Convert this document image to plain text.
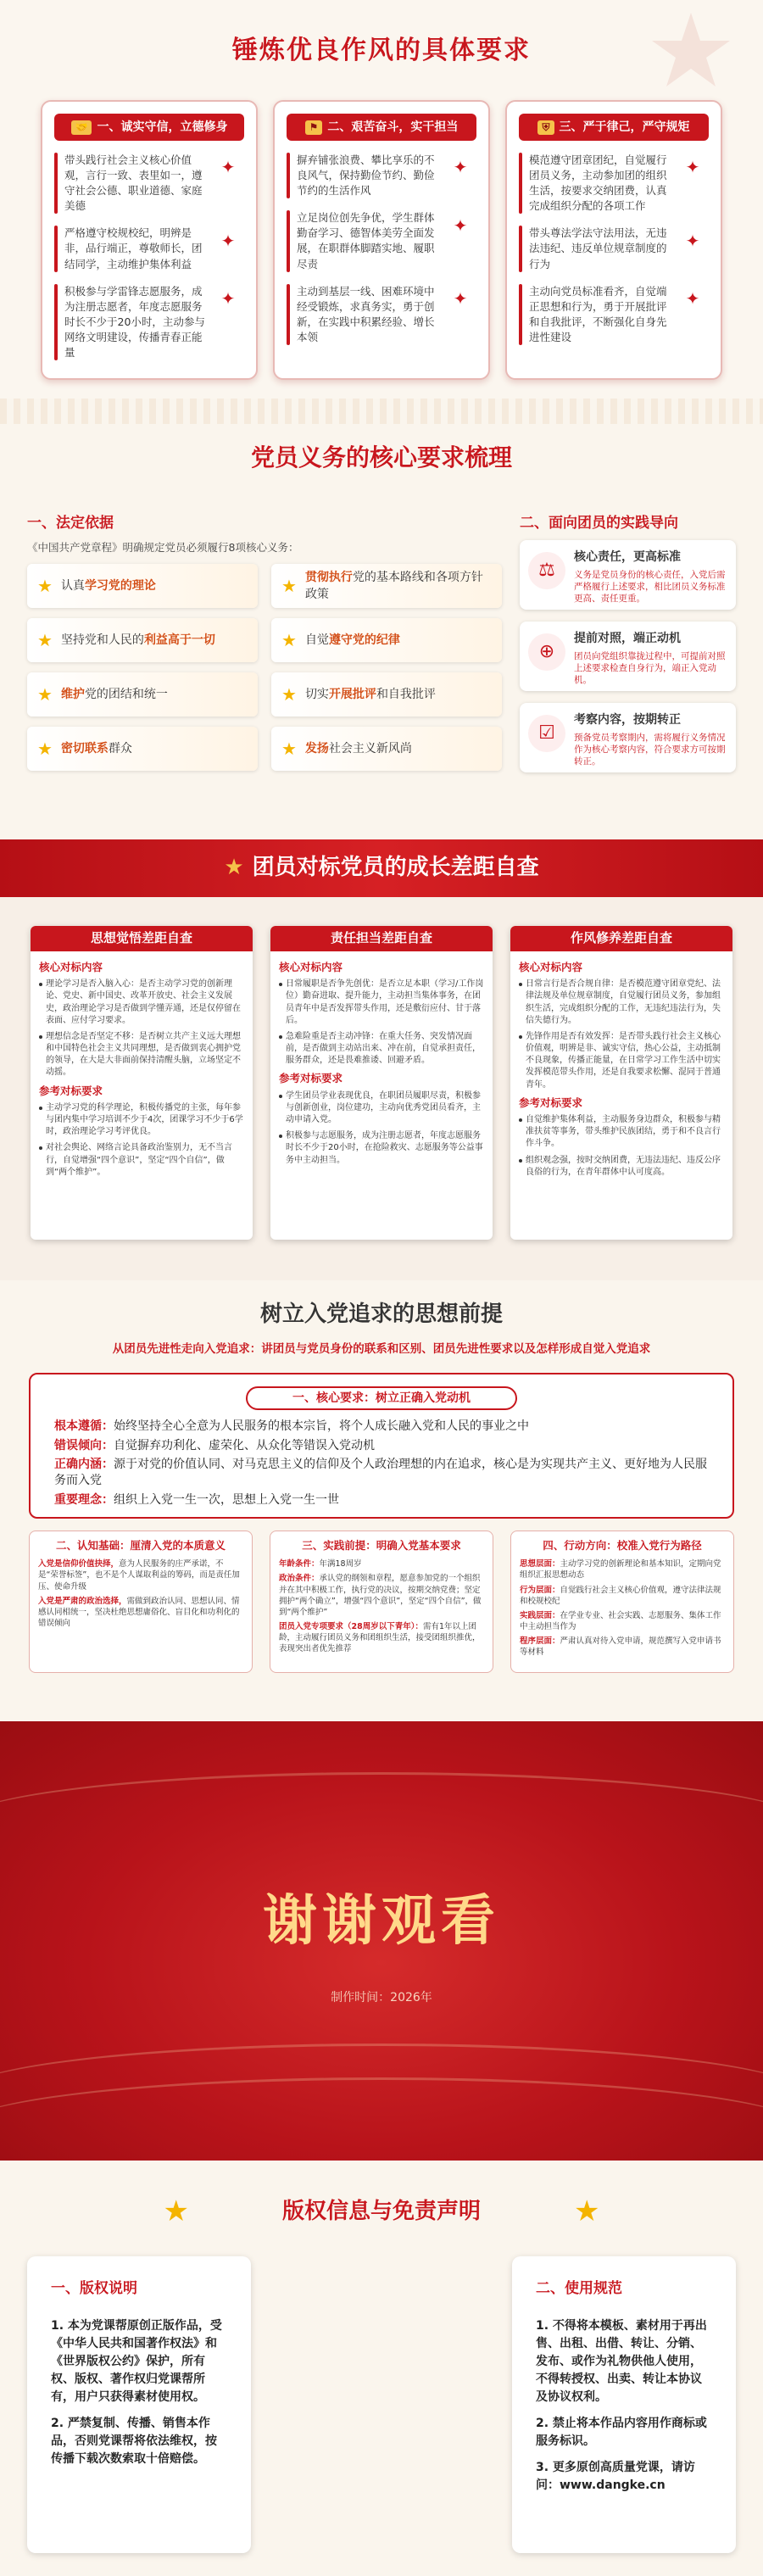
锤炼优良作风的具体要求
🤝 一、诚实守信，立德修身
带头践行社会主义核心价值观，言行一致、表里如一，遵守社会公德、职业道德、家庭美德
✦
严格遵守校规校纪，明辨是非，品行端正，尊敬师长，团结同学，主动维护集体利益
✦
积极参与学雷锋志愿服务，成为注册志愿者，年度志愿服务时长不少于20小时，主动参与网络文明建设，传播青春正能量
✦
⚑ 二、艰苦奋斗，实干担当
摒弃铺张浪费、攀比享乐的不良风气，保持勤俭节约、勤俭节约的生活作风
✦
立足岗位创先争优，学生群体勤奋学习、德智体美劳全面发展，在职群体脚踏实地、履职尽责
✦
主动到基层一线、困难环境中经受锻炼，求真务实，勇于创新，在实践中积累经验、增长本领
✦
⛨ 三、严于律己，严守规矩
模范遵守团章团纪，自觉履行团员义务，主动参加团的组织生活，按要求交纳团费，认真完成组织分配的各项工作
✦
带头尊法学法守法用法，无违法违纪、违反单位规章制度的行为
✦
主动向党员标准看齐，自觉端正思想和行为，勇于开展批评和自我批评，不断强化自身先进性建设
✦
党员义务的核心要求梳理
一、法定依据
《中国共产党章程》明确规定党员必须履行8项核心义务：
★ 认真学习党的理论	★ 贯彻执行党的基本路线和各项方针政策
★ 坚持党和人民的利益高于一切	★ 自觉遵守党的纪律
★ 维护党的团结和统一	★ 切实开展批评和自我批评
★ 密切联系群众	★ 发扬社会主义新风尚
二、面向团员的实践导向
⚖
核心责任，更高标准
义务是党员身份的核心责任，入党后需严格履行上述要求，相比团员义务标准更高、责任更重。
⊕
提前对照，端正动机
团员向党组织靠拢过程中，可提前对照上述要求检查自身行为，端正入党动机。
☑
考察内容，按期转正
预备党员考察期内，需将履行义务情况作为核心考察内容，符合要求方可按期转正。
★ 团员对标党员的成长差距自查
思想觉悟差距自查
核心对标内容
理论学习是否入脑入心：是否主动学习党的创新理论、党史、新中国史、改革开放史、社会主义发展史，政治理论学习是否做到学懂弄通，还是仅停留在表面、应付学习要求。
理想信念是否坚定不移：是否树立共产主义远大理想和中国特色社会主义共同理想，是否做到衷心拥护党的领导，在大是大非面前保持清醒头脑，立场坚定不动摇。
参考对标要求
主动学习党的科学理论，积极传播党的主张，每年参与团内集中学习培训不少于4次，团课学习不少于6学时，政治理论学习考评优良。
对社会舆论、网络言论具备政治鉴别力，无不当言行，自觉增强“四个意识”，坚定“四个自信”，做到“两个维护”。
责任担当差距自查
核心对标内容
日常履职是否争先创优：是否立足本职（学习/工作岗位）勤奋进取、提升能力，主动担当集体事务，在团员青年中是否发挥带头作用，还是敷衍应付、甘于落后。
急难险重是否主动冲锋：在重大任务、突发情况面前，是否做到主动站出来、冲在前，自觉承担责任，服务群众，还是畏难推诿、回避矛盾。
参考对标要求
学生团员学业表现优良，在职团员履职尽责，积极参与创新创业，岗位建功，主动向优秀党团员看齐，主动申请入党。
积极参与志愿服务，成为注册志愿者，年度志愿服务时长不少于20小时，在抢险救灾、志愿服务等公益事务中主动担当。
作风修养差距自查
核心对标内容
日常言行是否合规自律：是否模范遵守团章党纪、法律法规及单位规章制度，自觉履行团员义务，参加组织生活，完成组织分配的工作，无违纪违法行为，失信失德行为。
先锋作用是否有效发挥：是否带头践行社会主义核心价值观，明辨是非、诚实守信，热心公益，主动抵制不良现象，传播正能量，在日常学习工作生活中切实发挥模范带头作用，还是自我要求松懈、混同于普通青年。
参考对标要求
自觉维护集体利益，主动服务身边群众，积极参与精准扶贫等事务，带头维护民族团结，勇于和不良言行作斗争。
组织观念强，按时交纳团费，无违法违纪、违反公序良俗的行为，在青年群体中认可度高。
树立入党追求的思想前提
从团员先进性走向入党追求：讲团员与党员身份的联系和区别、团员先进性要求以及怎样形成自觉入党追求
一、核心要求：树立正确入党动机
根本遵循：始终坚持全心全意为人民服务的根本宗旨，将个人成长融入党和人民的事业之中
错误倾向：自觉摒弃功利化、虚荣化、从众化等错误入党动机
正确内涵：源于对党的价值认同、对马克思主义的信仰及个人政治理想的内在追求，核心是为实现共产主义、更好地为人民服务而入党
重要理念：组织上入党一生一次，思想上入党一生一世
二、认知基础：厘清入党的本质意义

入党是信仰价值抉择，意为人民服务的庄严承诺，不是“荣誉标签”，也不是个人谋取利益的筹码，而是责任加压、使命升级

入党是严肃的政治选择，需做到政治认同、思想认同、情感认同相统一，坚决杜绝思想庸俗化、盲目化和功利化的错误倾向

三、实践前提：明确入党基本要求

年龄条件：年满18周岁

政治条件：承认党的纲领和章程，愿意参加党的一个组织并在其中积极工作，执行党的决议，按期交纳党费；坚定拥护“两个确立”，增强“四个意识”，坚定“四个自信”，做到“两个维护”

团员入党专项要求（28周岁以下青年）：需有1年以上团龄，主动履行团员义务和团组织生活，接受团组织推优，表现突出者优先推荐

四、行动方向：校准入党行为路径

思想层面：主动学习党的创新理论和基本知识，定期向党组织汇报思想动态

行为层面：自觉践行社会主义核心价值观，遵守法律法规和校规校纪

实践层面：在学业专业、社会实践、志愿服务、集体工作中主动担当作为

程序层面：严肃认真对待入党申请，规范撰写入党申请书等材料

谢谢观看
制作时间：2026年
★	版权信息与免责声明	★
一、版权说明

1. 本为党课帮原创正版作品，受《中华人民共和国著作权法》和《世界版权公约》保护，所有权、版权、著作权归党课帮所有，用户只获得素材使用权。

2. 严禁复制、传播、销售本作品，否则党课帮将依法维权，按传播下载次数索取十倍赔偿。

二、使用规范

1. 不得将本模板、素材用于再出售、出租、出借、转让、分销、发布、或作为礼物供他人使用，不得转授权、出卖、转让本协议及协议权利。

2. 禁止将本作品内容用作商标或服务标识。

3. 更多原创高质量党课，请访问：www.dangke.cn
